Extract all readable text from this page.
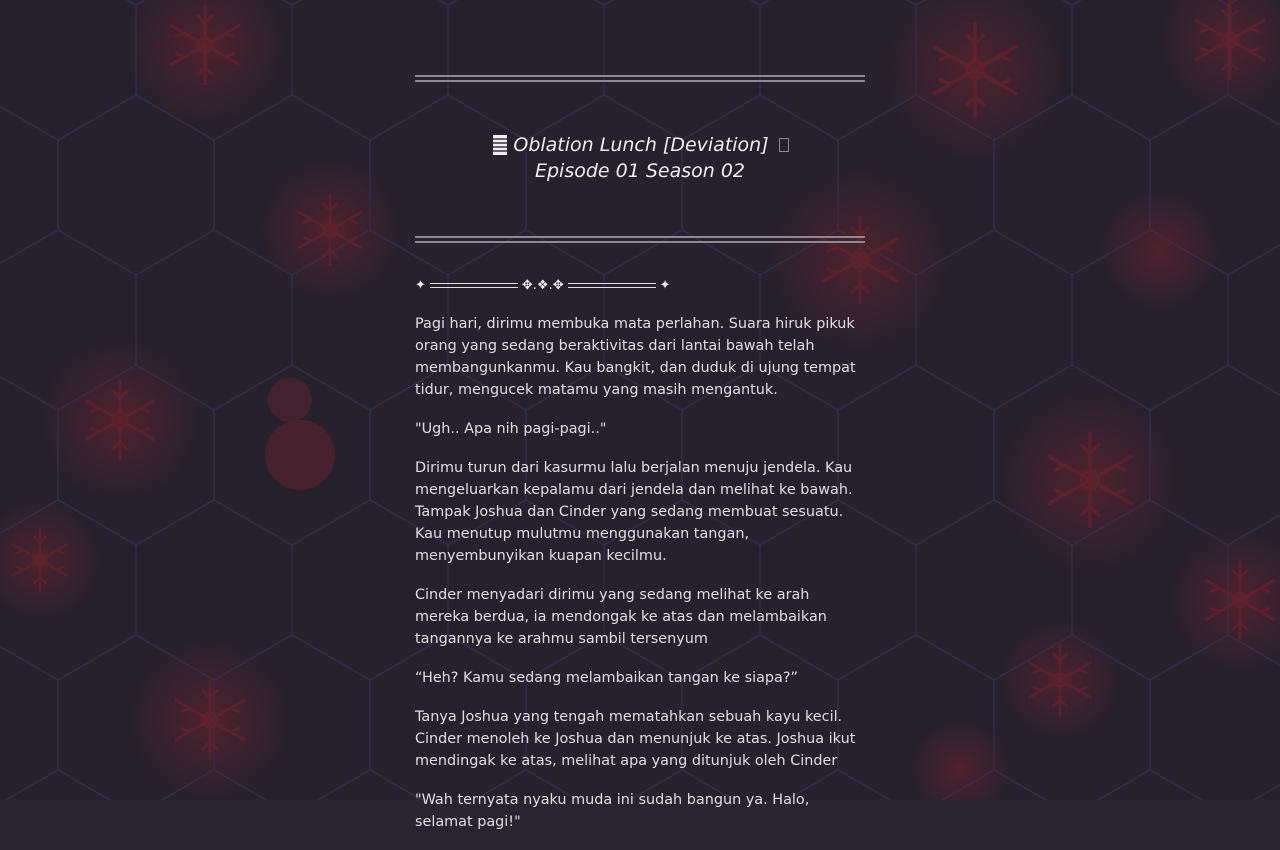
Oblation Lunch [Deviation]
Episode 01 Season 02
✦	✥.❖.✥	✦

Pagi hari, dirimu membuka mata perlahan. Suara hiruk pikuk orang yang sedang beraktivitas dari lantai bawah telah membangunkanmu. Kau bangkit, dan duduk di ujung tempat tidur, mengucek matamu yang masih mengantuk.

"Ugh.. Apa nih pagi-pagi.."

Dirimu turun dari kasurmu lalu berjalan menuju jendela. Kau mengeluarkan kepalamu dari jendela dan melihat ke bawah. Tampak Joshua dan Cinder yang sedang membuat sesuatu. Kau menutup mulutmu menggunakan tangan, menyembunyikan kuapan kecilmu.

Cinder menyadari dirimu yang sedang melihat ke arah mereka berdua, ia mendongak ke atas dan melambaikan tangannya ke arahmu sambil tersenyum

“Heh? Kamu sedang melambaikan tangan ke siapa?”

Tanya Joshua yang tengah mematahkan sebuah kayu kecil. Cinder menoleh ke Joshua dan menunjuk ke atas. Joshua ikut mendingak ke atas, melihat apa yang ditunjuk oleh Cinder

"Wah ternyata nyaku muda ini sudah bangun ya. Halo, selamat pagi!"
